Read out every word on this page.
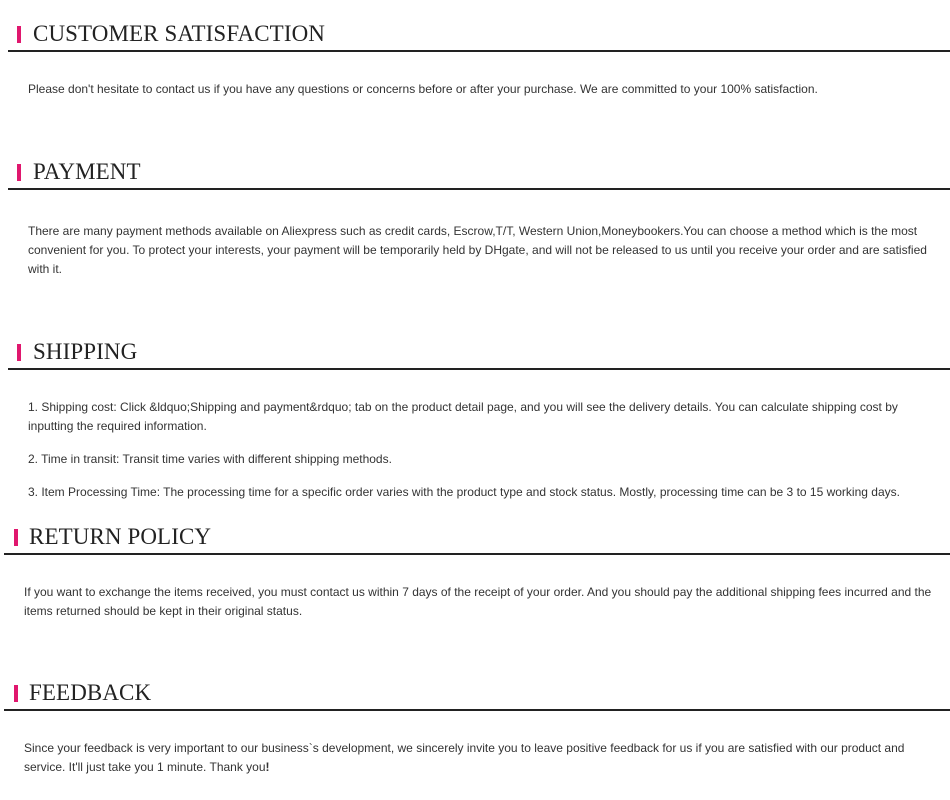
CUSTOMER SATISFACTION

Please don't hesitate to contact us if you have any questions or concerns before or after your purchase. We are committed to your 100% satisfaction.

PAYMENT

There are many payment methods available on Aliexpress such as credit cards, Escrow,T/T, Western Union,Moneybookers.You can choose a method which is the most convenient for you. To protect your interests, your payment will be temporarily held by DHgate, and will not be released to us until you receive your order and are satisfied with it.

SHIPPING

1. Shipping cost: Click &ldquo;Shipping and payment&rdquo; tab on the product detail page, and you will see the delivery details. You can calculate shipping cost by inputting the required information.

2. Time in transit: Transit time varies with different shipping methods.

3. Item Processing Time: The processing time for a specific order varies with the product type and stock status. Mostly, processing time can be 3 to 15 working days.

RETURN POLICY

If you want to exchange the items received, you must contact us within 7 days of the receipt of your order. And you should pay the additional shipping fees incurred and the items returned should be kept in their original status.

FEEDBACK

Since your feedback is very important to our business`s development, we sincerely invite you to leave positive feedback for us if you are satisfied with our product and service. It'll just take you 1 minute. Thank you!
